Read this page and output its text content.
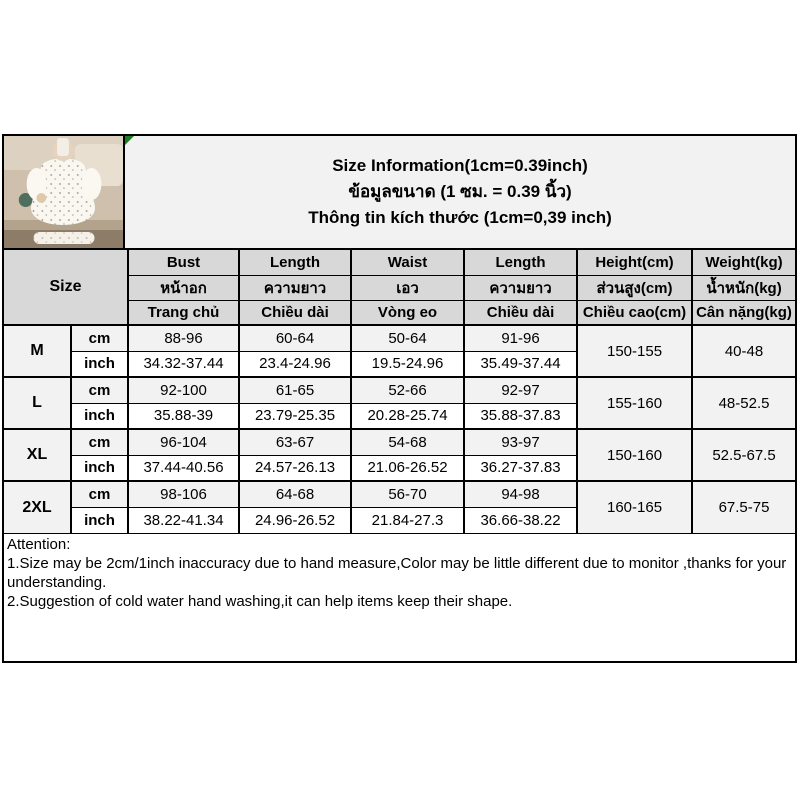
Size Information(1cm=0.39inch)
ข้อมูลขนาด (1 ซม. = 0.39 นิ้ว)
Thông tin kích thước (1cm=0,39 inch)
Size		Bust	Length	Waist	Length	Height(cm)	Weight(kg)
		หน้าอก	ความยาว	เอว	ความยาว	ส่วนสูง(cm)	น้ำหนัก(kg)
		Trang chủ	Chiều dài	Vòng eo	Chiều dài	Chiều cao(cm)	Cân nặng(kg)
M	cm	88-96	60-64	50-64	91-96	150-155	40-48
	inch	34.32-37.44	23.4-24.96	19.5-24.96	35.49-37.44		
L	cm	92-100	61-65	52-66	92-97	155-160	48-52.5
	inch	35.88-39	23.79-25.35	20.28-25.74	35.88-37.83		
XL	cm	96-104	63-67	54-68	93-97	150-160	52.5-67.5
	inch	37.44-40.56	24.57-26.13	21.06-26.52	36.27-37.83		
2XL	cm	98-106	64-68	56-70	94-98	160-165	67.5-75
	inch	38.22-41.34	24.96-26.52	21.84-27.3	36.66-38.22		
Attention:
1.Size may be 2cm/1inch inaccuracy due to hand measure,Color may be little different due to monitor ,thanks for your understanding.
2.Suggestion of cold water hand washing,it can help items keep their shape.
